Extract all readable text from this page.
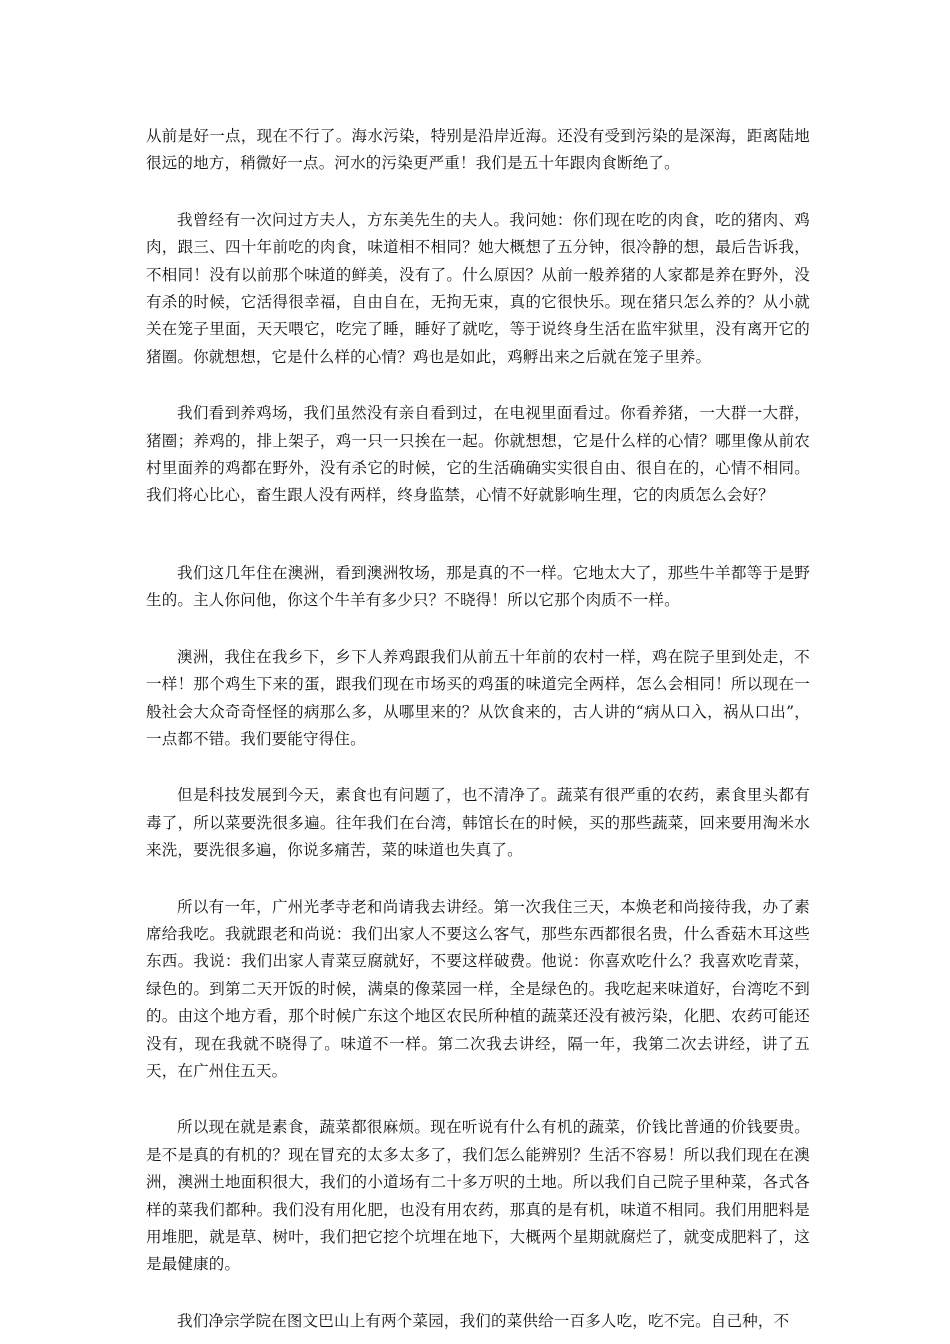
从前是好一点，现在不行了。海水污染，特别是沿岸近海。还没有受到污染的是深海，距离陆地很远的地方，稍微好一点。河水的污染更严重！我们是五十年跟肉食断绝了。

我曾经有一次问过方夫人，方东美先生的夫人。我问她：你们现在吃的肉食，吃的猪肉、鸡肉，跟三、四十年前吃的肉食，味道相不相同？她大概想了五分钟，很冷静的想，最后告诉我，不相同！没有以前那个味道的鲜美，没有了。什么原因？从前一般养猪的人家都是养在野外，没有杀的时候，它活得很幸福，自由自在，无拘无束，真的它很快乐。现在猪只怎么养的？从小就关在笼子里面，天天喂它，吃完了睡，睡好了就吃，等于说终身生活在监牢狱里，没有离开它的猪圈。你就想想，它是什么样的心情？鸡也是如此，鸡孵出来之后就在笼子里养。

我们看到养鸡场，我们虽然没有亲自看到过，在电视里面看过。你看养猪，一大群一大群，猪圈；养鸡的，排上架子，鸡一只一只挨在一起。你就想想，它是什么样的心情？哪里像从前农村里面养的鸡都在野外，没有杀它的时候，它的生活确确实实很自由、很自在的，心情不相同。我们将心比心，畜生跟人没有两样，终身监禁，心情不好就影响生理，它的肉质怎么会好？

我们这几年住在澳洲，看到澳洲牧场，那是真的不一样。它地太大了，那些牛羊都等于是野生的。主人你问他，你这个牛羊有多少只？不晓得！所以它那个肉质不一样。

澳洲，我住在我乡下，乡下人养鸡跟我们从前五十年前的农村一样，鸡在院子里到处走，不一样！那个鸡生下来的蛋，跟我们现在市场买的鸡蛋的味道完全两样，怎么会相同！所以现在一般社会大众奇奇怪怪的病那么多，从哪里来的？从饮食来的，古人讲的“病从口入，祸从口出”，一点都不错。我们要能守得住。

但是科技发展到今天，素食也有问题了，也不清净了。蔬菜有很严重的农药，素食里头都有毒了，所以菜要洗很多遍。往年我们在台湾，韩馆长在的时候，买的那些蔬菜，回来要用淘米水来洗，要洗很多遍，你说多痛苦，菜的味道也失真了。

所以有一年，广州光孝寺老和尚请我去讲经。第一次我住三天，本焕老和尚接待我，办了素席给我吃。我就跟老和尚说：我们出家人不要这么客气，那些东西都很名贵，什么香菇木耳这些东西。我说：我们出家人青菜豆腐就好，不要这样破费。他说：你喜欢吃什么？我喜欢吃青菜，绿色的。到第二天开饭的时候，满桌的像菜园一样，全是绿色的。我吃起来味道好，台湾吃不到的。由这个地方看，那个时候广东这个地区农民所种植的蔬菜还没有被污染，化肥、农药可能还没有，现在我就不晓得了。味道不一样。第二次我去讲经，隔一年，我第二次去讲经，讲了五天，在广州住五天。

所以现在就是素食，蔬菜都很麻烦。现在听说有什么有机的蔬菜，价钱比普通的价钱要贵。是不是真的有机的？现在冒充的太多太多了，我们怎么能辨别？生活不容易！所以我们现在在澳洲，澳洲土地面积很大，我们的小道场有二十多万呎的土地。所以我们自己院子里种菜，各式各样的菜我们都种。我们没有用化肥，也没有用农药，那真的是有机，味道不相同。我们用肥料是用堆肥，就是草、树叶，我们把它挖个坑埋在地下，大概两个星期就腐烂了，就变成肥料了，这是最健康的。

我们净宗学院在图文巴山上有两个菜园，我们的菜供给一百多人吃，吃不完。自己种，不
